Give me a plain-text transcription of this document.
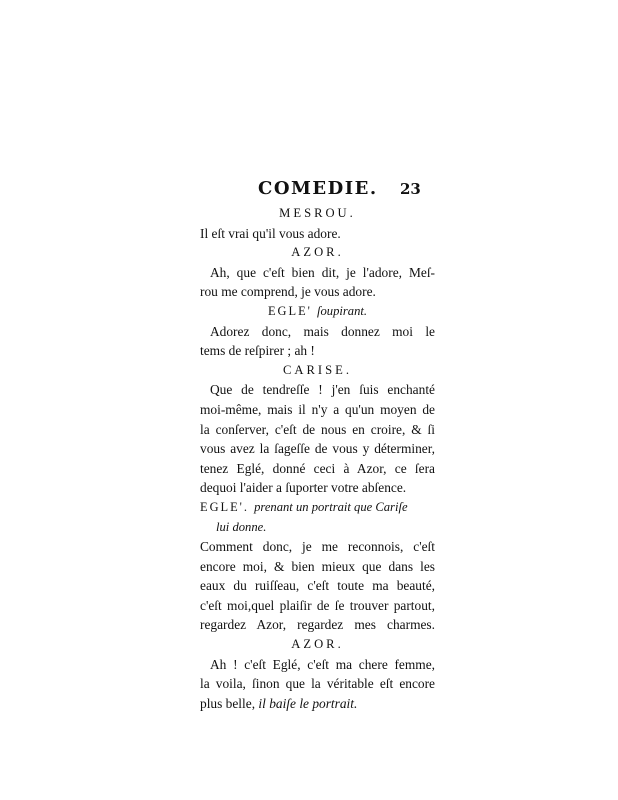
COMEDIE. 23
MESROU.
Il eſt vrai qu'il vous adore.
AZOR.
Ah, que c'eſt bien dit, je l'adore, Meſ-
rou me comprend, je vous adore.
EGLE' ſoupirant.
Adorez donc, mais donnez moi le
tems de reſpirer ; ah !
CARISE.
Que de tendreſſe ! j'en ſuis enchanté
moi-même, mais il n'y a qu'un moyen de
la conſerver, c'eſt de nous en croire, & ſi
vous avez la ſageſſe de vous y déterminer,
tenez Eglé, donné ceci à Azor, ce ſera
dequoi l'aider a ſuporter votre abſence.
EGLE'. prenant un portrait que Cariſe
lui donne.
Comment donc, je me reconnois, c'eſt
encore moi, & bien mieux que dans les
eaux du ruiſſeau, c'eſt toute ma beauté,
c'eſt moi,quel plaiſir de ſe trouver partout,
regardez Azor, regardez mes charmes.
AZOR.
Ah ! c'eſt Eglé, c'eſt ma chere femme,
la voila, ſinon que la véritable eſt encore
plus belle, il baiſe le portrait.
